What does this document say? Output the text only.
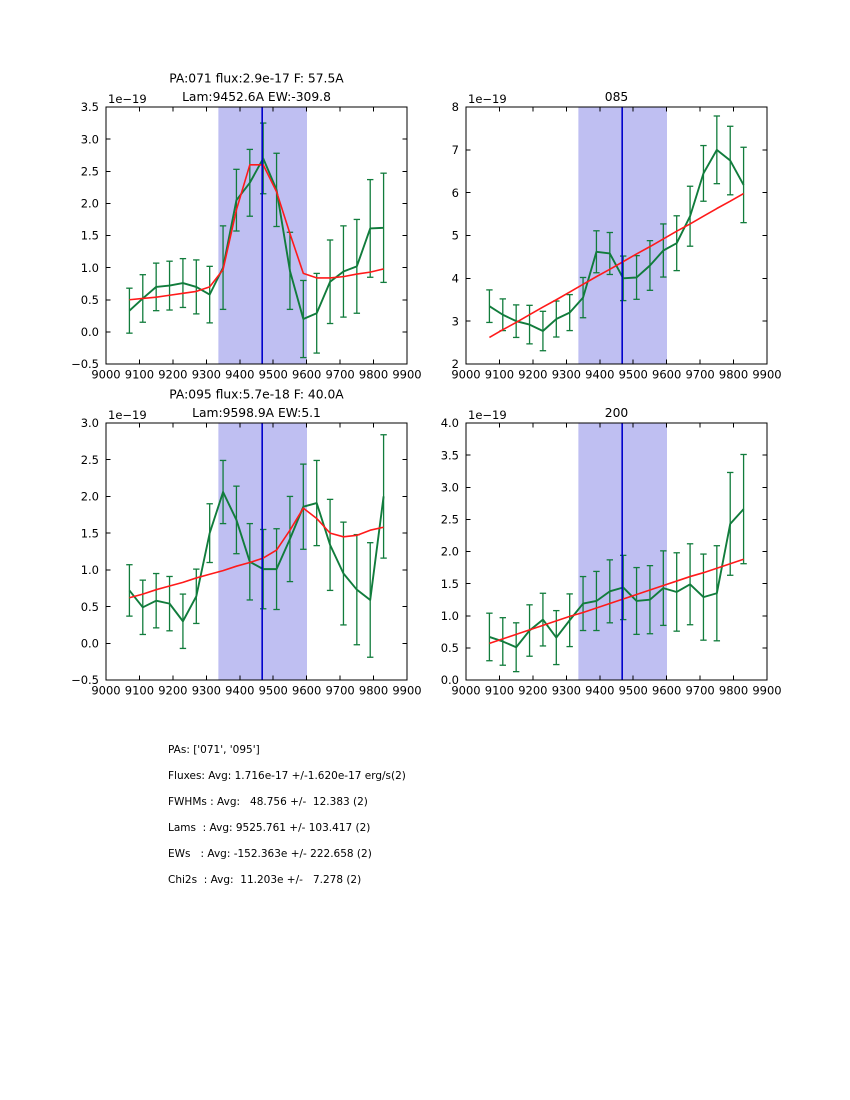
9000 9100 9200 9300 9400 9500 9600 9700 9800 9900
−0.5
0.0
0.5
1.0
1.5
2.0
2.5
3.0
3.5
1e−19
PA:071 flux:2.9e-17 F: 57.5A
Lam:9452.6A EW:-309.8
9000 9100 9200 9300 9400 9500 9600 9700 9800 9900
2
3
4
5
6
7
8
1e−19	085
9000 9100 9200 9300 9400 9500 9600 9700 9800 9900
−0.5
0.0
0.5
1.0
1.5
2.0
2.5
3.0
1e−19
PA:095 flux:5.7e-18 F: 40.0A
Lam:9598.9A EW:5.1
9000 9100 9200 9300 9400 9500 9600 9700 9800 9900
0.0
0.5
1.0
1.5
2.0
2.5
3.0
3.5
4.0
1e−19	200
PAs: ['071', '095']
Fluxes: Avg: 1.716e-17 +/-1.620e-17 erg/s(2)
FWHMs : Avg:   48.756 +/-  12.383 (2)
Lams  : Avg: 9525.761 +/- 103.417 (2)
EWs   : Avg: -152.363e +/- 222.658 (2)
Chi2s  : Avg:  11.203e +/-   7.278 (2)
